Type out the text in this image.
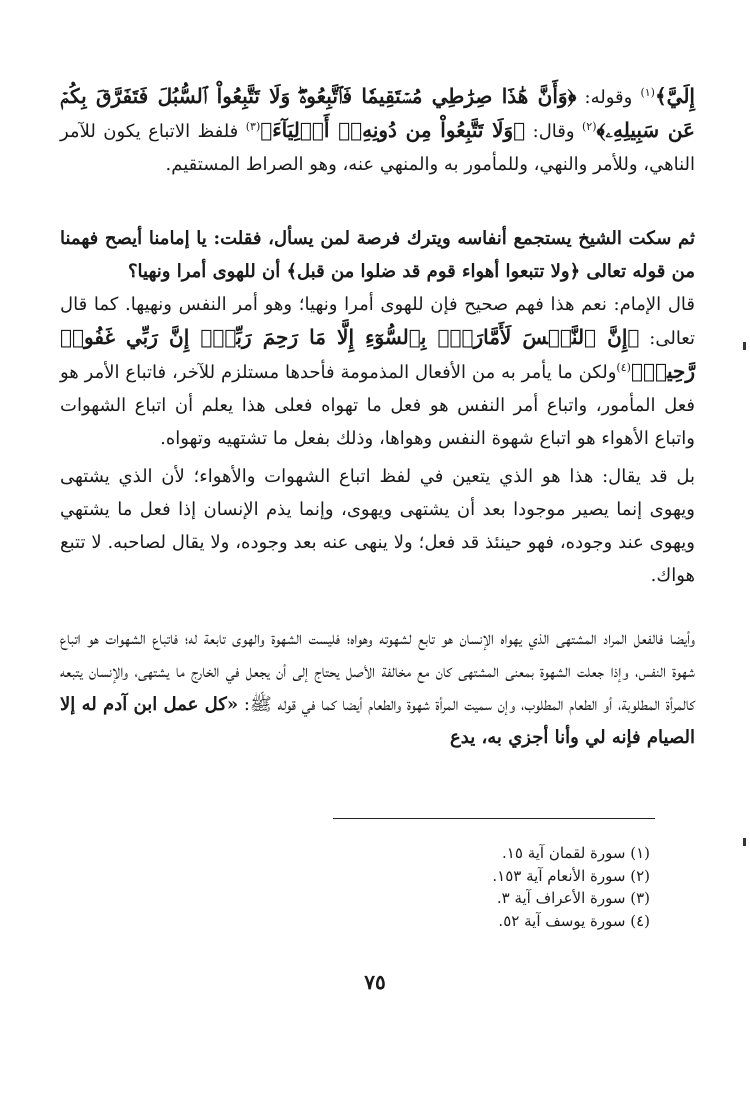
إِلَيَّ﴾$^{(١)}$ وقوله: ﴿وَأَنَّ هَٰذَا صِرَٰطِي مُسۡتَقِيمٗا فَٱتَّبِعُوهُۖ وَلَا تَتَّبِعُواْ ٱلسُّبُلَ فَتَفَرَّقَ بِكُمۡ عَن سَبِيلِهِۦ﴾$^{(٢)}$ وقال: ﴿وَلَا تَتَّبِعُواْ مِن دُونِهِۦٓ أَوۡلِيَآءَ﴾$^{(٣)}$ فلفظ الاتباع يكون للآمر الناهي، وللأمر والنهي، وللمأمور به والمنهي عنه، وهو الصراط المستقيم.
ثم سكت الشيخ يستجمع أنفاسه ويترك فرصة لمن يسأل، فقلت: يا إمامنا أيصح فهمنا من قوله تعالى ﴿ولا تتبعوا أهواء قوم قد ضلوا من قبل﴾ أن للهوى أمرا ونهيا؟
قال الإمام: نعم هذا فهم صحيح فإن للهوى أمرا ونهيا؛ وهو أمر النفس ونهيها. كما قال تعالى: ﴿إِنَّ ٱلنَّفۡسَ لَأَمَّارَةُۢ بِٱلسُّوٓءِ إِلَّا مَا رَحِمَ رَبِّيٓۚ إِنَّ رَبِّي غَفُورٞ رَّحِيمٞ﴾$^{(٤)}$ولكن ما يأمر به من الأفعال المذمومة فأحدها مستلزم للآخر، فاتباع الأمر هو فعل المأمور، واتباع أمر النفس هو فعل ما تهواه فعلى هذا يعلم أن اتباع الشهوات واتباع الأهواء هو اتباع شهوة النفس وهواها، وذلك بفعل ما تشتهيه وتهواه.
بل قد يقال: هذا هو الذي يتعين في لفظ اتباع الشهوات والأهواء؛ لأن الذي يشتهى ويهوى إنما يصير موجودا بعد أن يشتهى ويهوى، وإنما يذم الإنسان إذا فعل ما يشتهي ويهوى عند وجوده، فهو حينئذ قد فعل؛ ولا ينهى عنه بعد وجوده، ولا يقال لصاحبه. لا تتبع هواك.
وأيضا فالفعل المراد المشتهى الذي يهواه الإنسان هو تابع لشهوته وهواه؛ فليست الشهوة والهوى تابعة له؛ فاتباع الشهوات هو اتباع شهوة النفس، وإذا جعلت الشهوة بمعنى المشتهى كان مع مخالفة الأصل يحتاج إلى أن يجعل في الخارج ما يشتهى، والإنسان يتبعه كالمرأة المطلوبة، أو الطعام المطلوب، وإن سميت المرأة شهوة والطعام أيضا كما في قوله ﷺ: «كل عمل ابن آدم له إلا الصيام فإنه لي وأنا أجزي به، يدع
(١) سورة لقمان آية ١٥.
(٢) سورة الأنعام آية ١٥٣.
(٣) سورة الأعراف آية ٣.
(٤) سورة يوسف آية ٥٢.
٧٥
